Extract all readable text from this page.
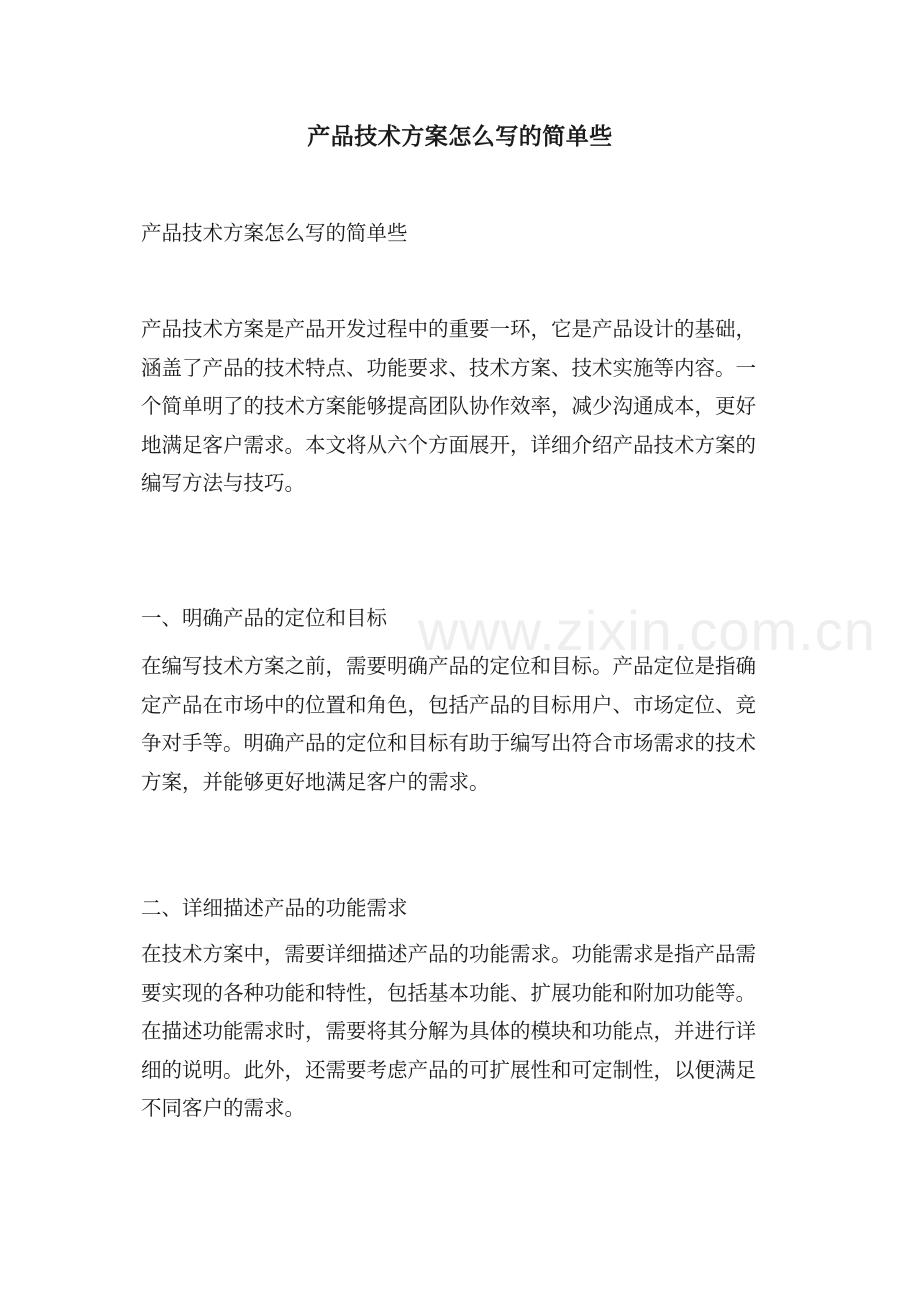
产品技术方案怎么写的简单些
产品技术方案怎么写的简单些
产品技术方案是产品开发过程中的重要一环，它是产品设计的基础，
涵盖了产品的技术特点、功能要求、技术方案、技术实施等内容。一
个简单明了的技术方案能够提高团队协作效率，减少沟通成本，更好
地满足客户需求。本文将从六个方面展开，详细介绍产品技术方案的
编写方法与技巧。
一、明确产品的定位和目标
在编写技术方案之前，需要明确产品的定位和目标。产品定位是指确
定产品在市场中的位置和角色，包括产品的目标用户、市场定位、竞
争对手等。明确产品的定位和目标有助于编写出符合市场需求的技术
方案，并能够更好地满足客户的需求。
二、详细描述产品的功能需求
在技术方案中，需要详细描述产品的功能需求。功能需求是指产品需
要实现的各种功能和特性，包括基本功能、扩展功能和附加功能等。
在描述功能需求时，需要将其分解为具体的模块和功能点，并进行详
细的说明。此外，还需要考虑产品的可扩展性和可定制性，以便满足
不同客户的需求。
www.zixin.com.cn
